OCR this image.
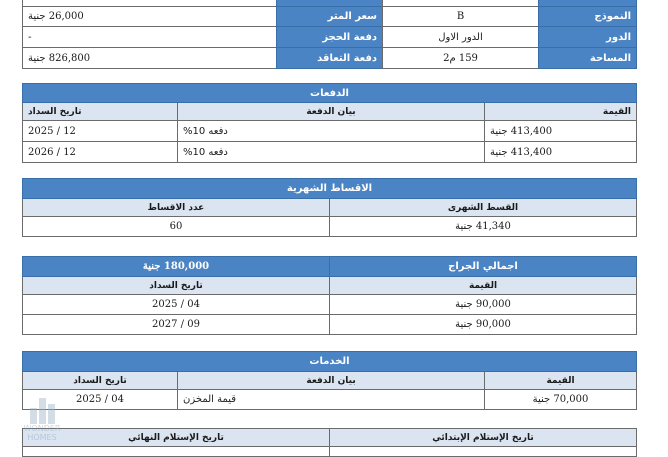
النموذج	B	سعر المتر	26,000 جنية
الدور	الدور الاول	دفعة الحجز	-
المساحة	159 م2	دفعة التعاقد	826,800 جنية
الدفعات		
القيمة	بيان الدفعة	تاريخ السداد
413,400 جنية	دفعه 10%	12 / 2025
413,400 جنية	دفعه 10%	12 / 2026
الاقساط الشهرية	
القسط الشهرى	عدد الاقساط
41,340 جنية	60
اجمالي الجراج	180,000 جنية
القيمة	تاريخ السداد
90,000 جنية	04 / 2025
90,000 جنية	09 / 2027
الخدمات		
القيمة	بيان الدفعة	تاريخ السداد
70,000 جنية	قيمة المخزن	04 / 2025
تاريخ الإستلام الإبتدائي	تاريخ الإستلام النهائي

WONDER
HOMES
